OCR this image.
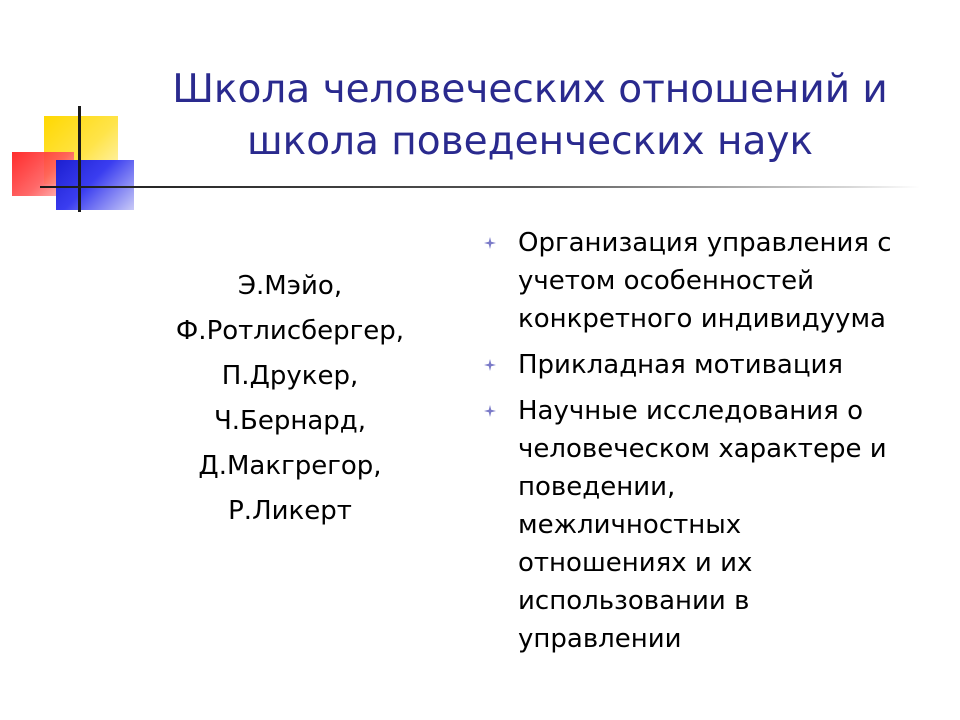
Школа человеческих отношений и
школа поведенческих наук
Э.Мэйо,
Ф.Ротлисбергер,
П.Друкер,
Ч.Бернард,
Д.Макгрегор,
Р.Ликерт
Организация управления с
учетом особенностей
конкретного индивидуума
Прикладная мотивация
Научные исследования о
человеческом характере и
поведении,
межличностных
отношениях и их
использовании в
управлении
